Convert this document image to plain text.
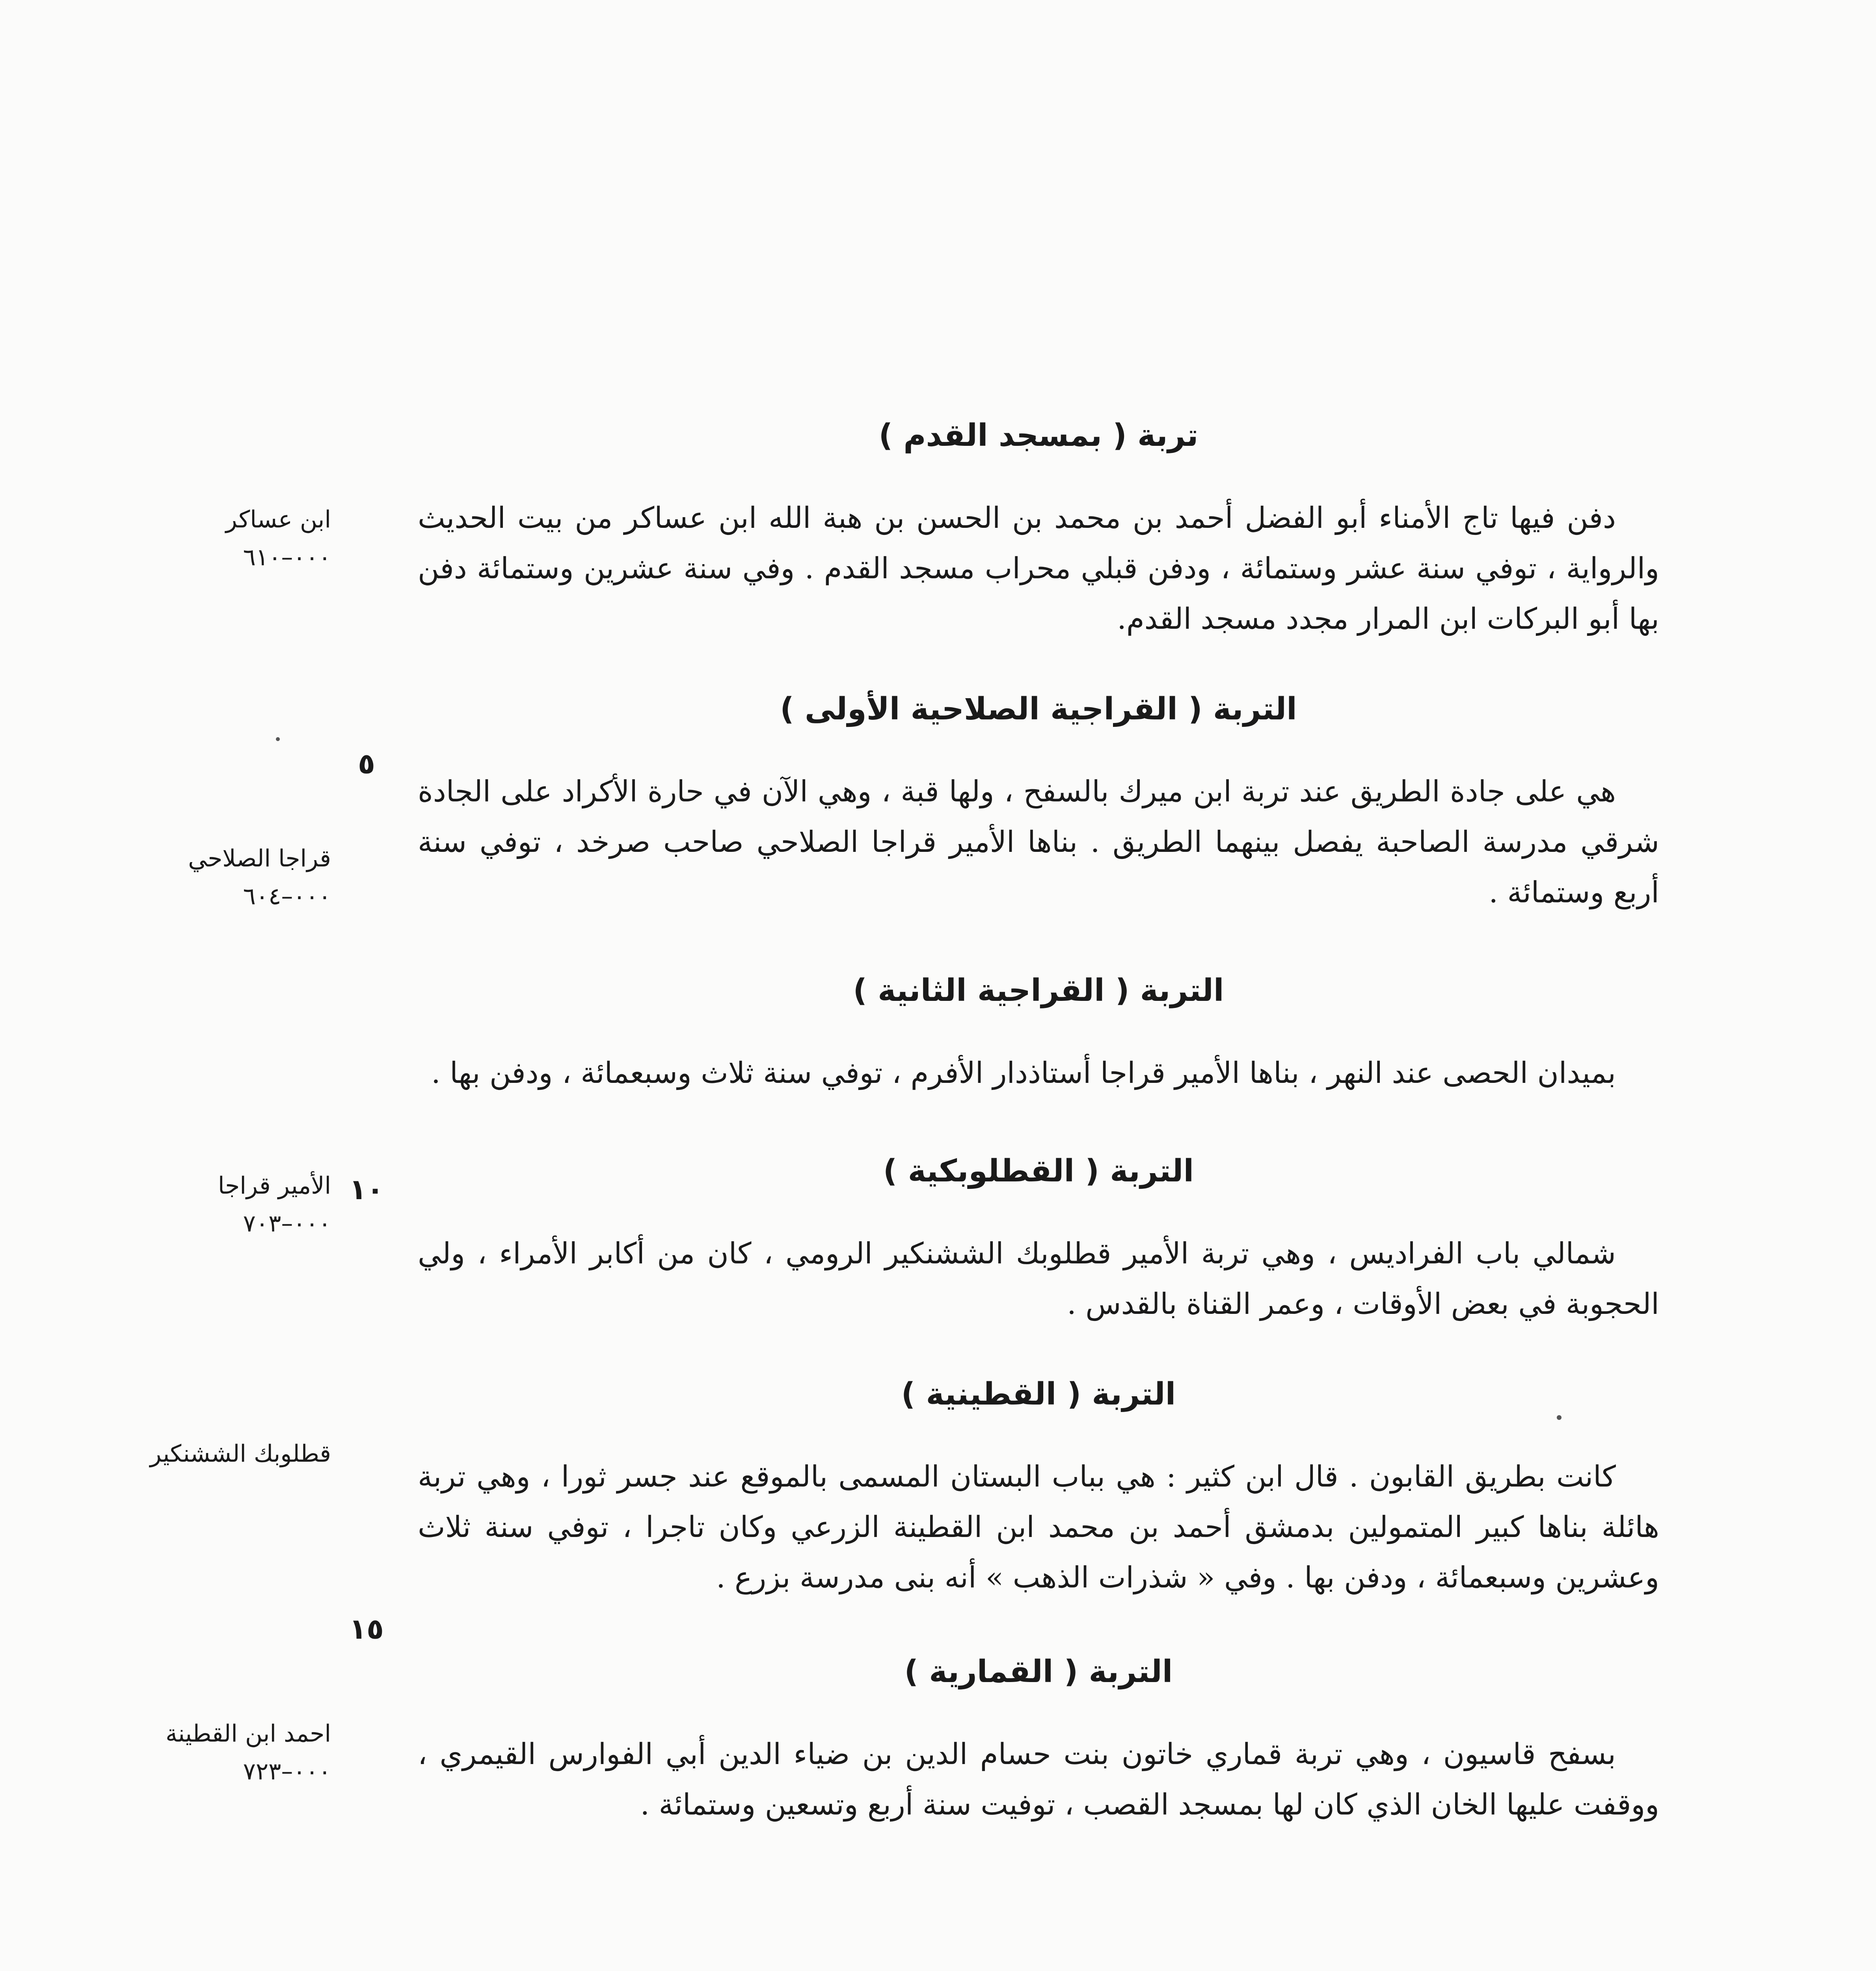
تربة ( بمسجد القدم )

دفن فيها تاج الأمناء أبو الفضل أحمد بن محمد بن الحسن بن هبة الله ابن عساكر من بيت الحديث والرواية ، توفي سنة عشر وستمائة ، ودفن قبلي محراب مسجد القدم . وفي سنة عشرين وستمائة دفن بها أبو البركات ابن المرار مجدد مسجد القدم.

التربة ( القراجية الصلاحية الأولى )

هي على جادة الطريق عند تربة ابن ميرك بالسفح ، ولها قبة ، وهي الآن في حارة الأكراد على الجادة شرقي مدرسة الصاحبة يفصل بينهما الطريق . بناها الأمير قراجا الصلاحي صاحب صرخد ، توفي سنة أربع وستمائة .

التربة ( القراجية الثانية )

بميدان الحصى عند النهر ، بناها الأمير قراجا أستاذدار الأفرم ، توفي سنة ثلاث وسبعمائة ، ودفن بها .

التربة ( القطلوبكية )

شمالي باب الفراديس ، وهي تربة الأمير قطلوبك الششنكير الرومي ، كان من أكابر الأمراء ، ولي الحجوبة في بعض الأوقات ، وعمر القناة بالقدس .

التربة ( القطينية )

كانت بطريق القابون . قال ابن كثير : هي بباب البستان المسمى بالموقع عند جسر ثورا ، وهي تربة هائلة بناها كبير المتمولين بدمشق أحمد بن محمد ابن القطينة الزرعي وكان تاجرا ، توفي سنة ثلاث وعشرين وسبعمائة ، ودفن بها . وفي « شذرات الذهب » أنه بنى مدرسة بزرع .

التربة ( القمارية )

بسفح قاسيون ، وهي تربة قماري خاتون بنت حسام الدين بن ضياء الدين أبي الفوارس القيمري ، ووقفت عليها الخان الذي كان لها بمسجد القصب ، توفيت سنة أربع وتسعين وستمائة .

ابن عساكر
٠٠٠–٦١٠
قراجا الصلاحي
٠٠٠–٦٠٤
الأمير قراجا
٠٠٠–٧٠٣
قطلوبك الششنكير
احمد ابن القطينة
٠٠٠–٧٢٣
٥
١٠
١٥
